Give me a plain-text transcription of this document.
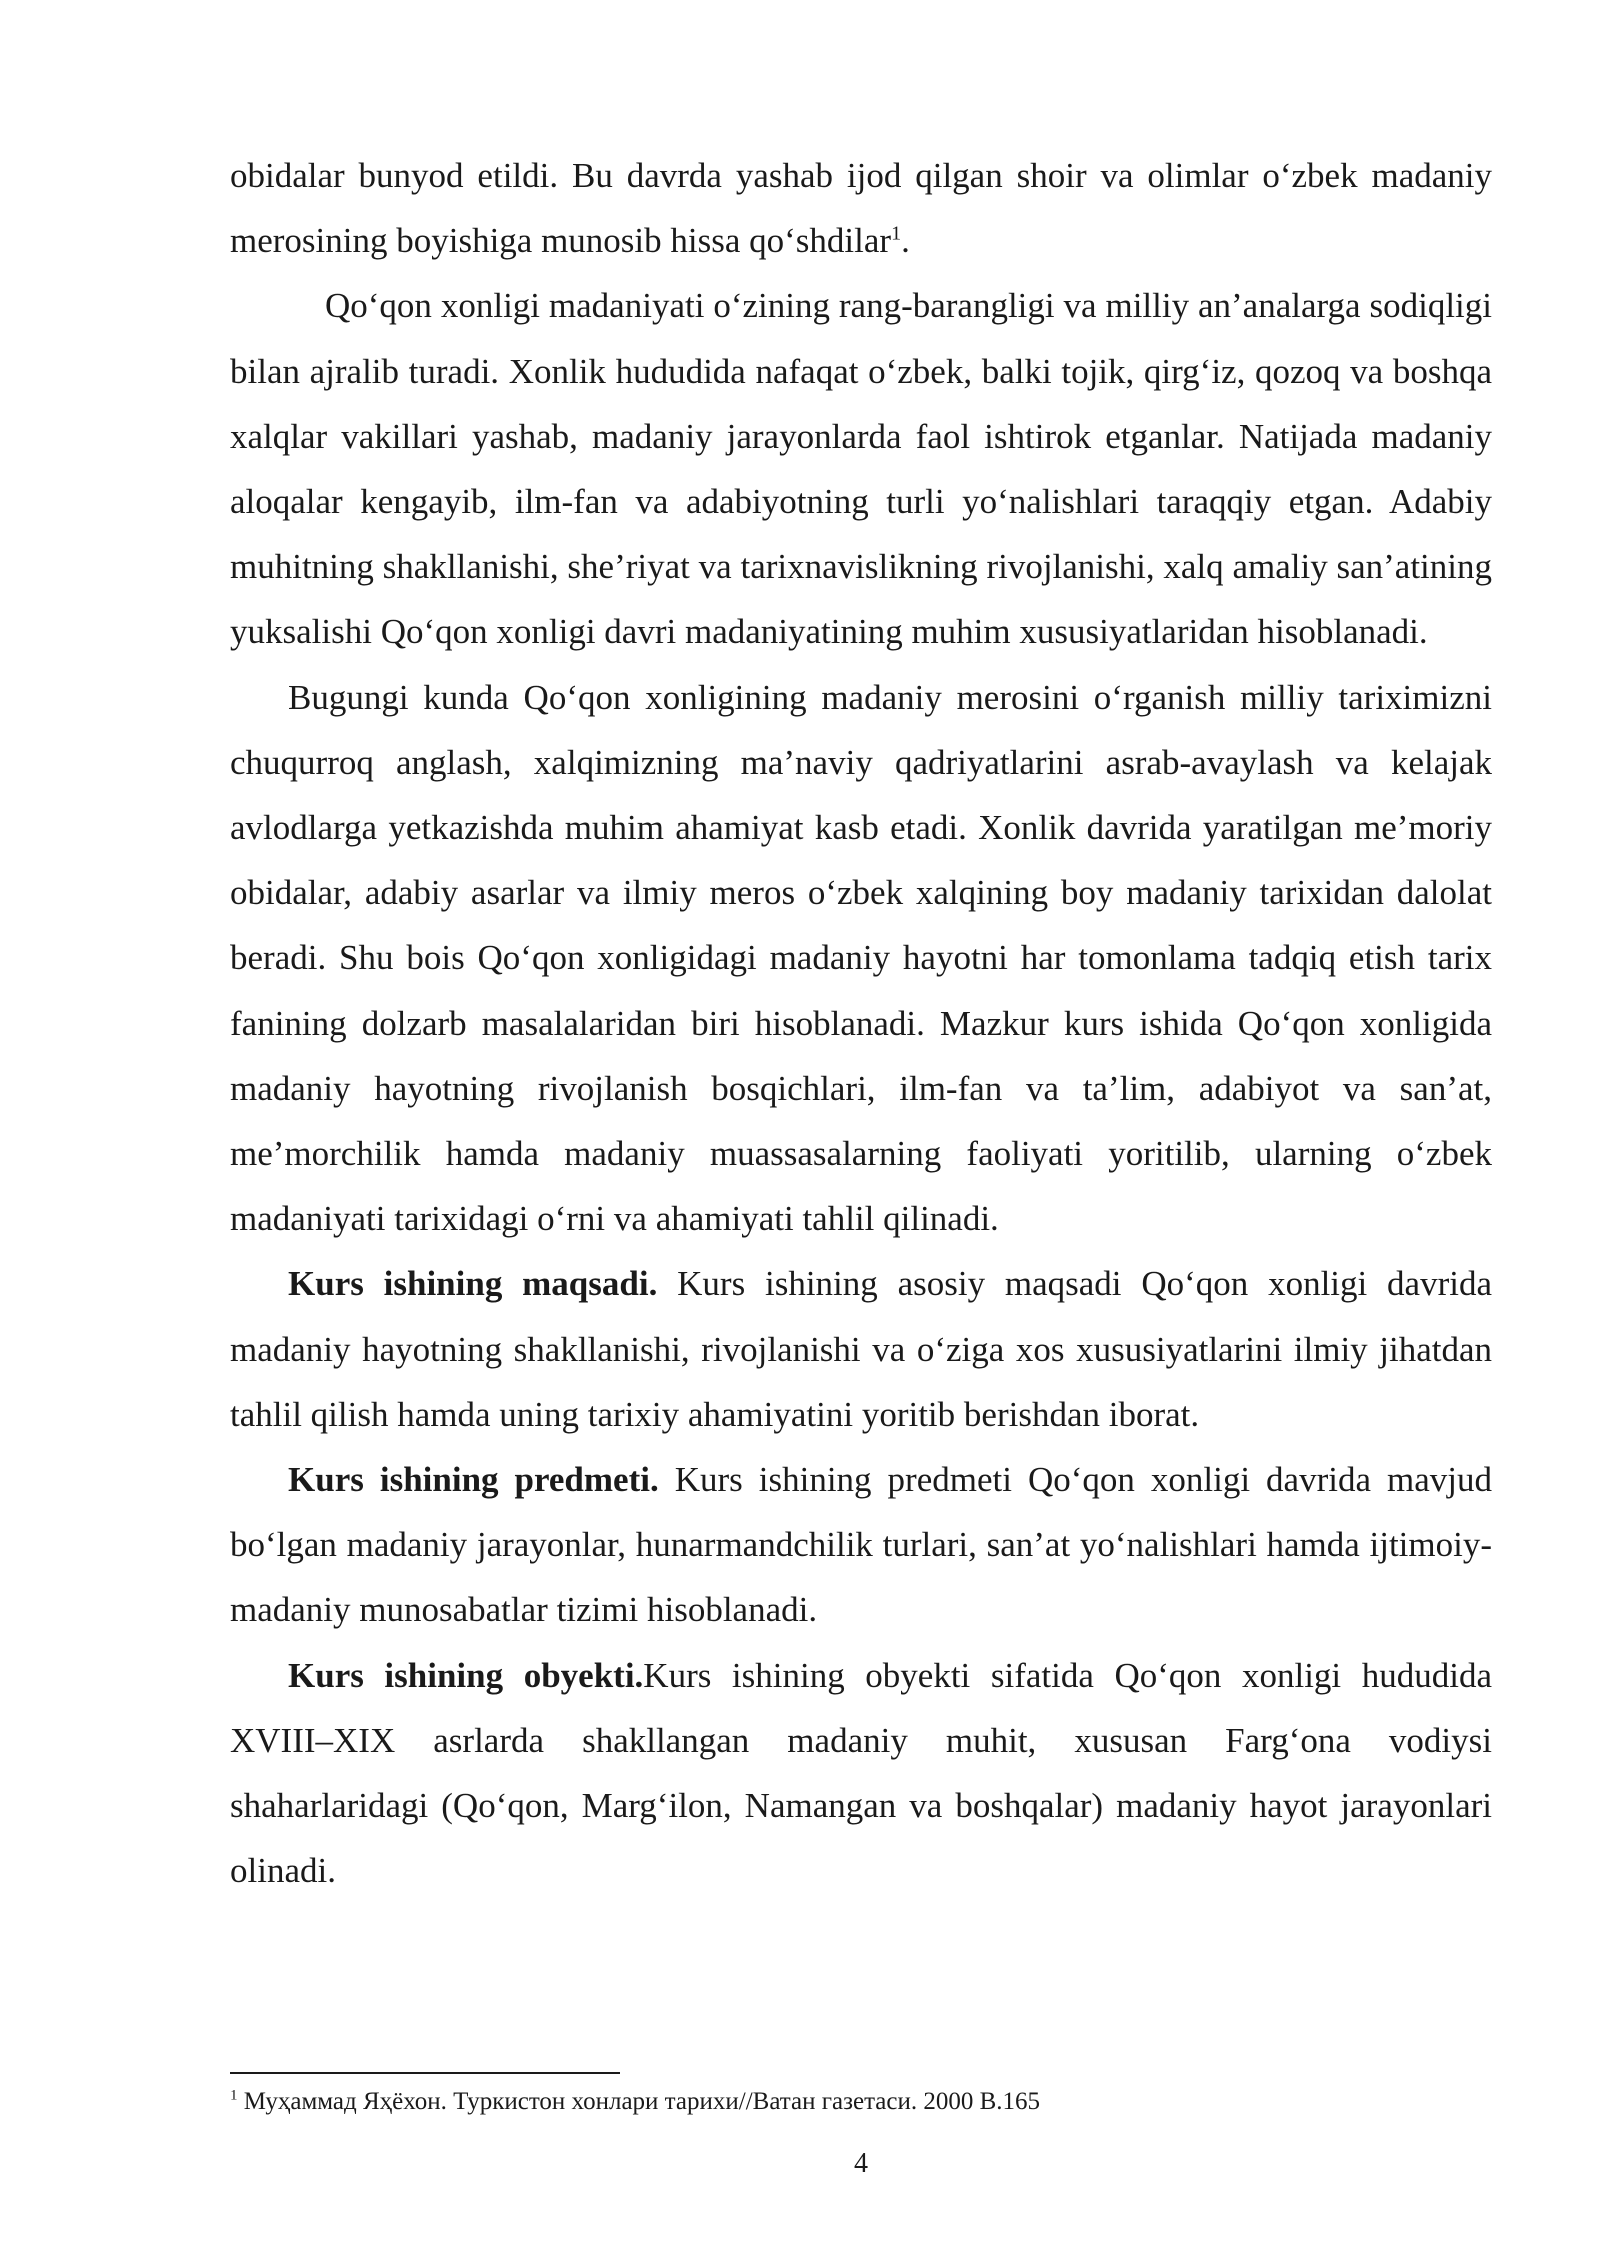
obidalar bunyod etildi. Bu davrda yashab ijod qilgan shoir va olimlar o‘zbek madaniy merosining boyishiga munosib hissa qo‘shdilar$^1$.

Qo‘qon xonligi madaniyati o‘zining rang-barangligi va milliy an’analarga sodiqligi bilan ajralib turadi. Xonlik hududida nafaqat o‘zbek, balki tojik, qirg‘iz, qozoq va boshqa xalqlar vakillari yashab, madaniy jarayonlarda faol ishtirok etganlar. Natijada madaniy aloqalar kengayib, ilm-fan va adabiyotning turli yo‘nalishlari taraqqiy etgan. Adabiy muhitning shakllanishi, she’riyat va tarixnavislikning rivojlanishi, xalq amaliy san’atining yuksalishi Qo‘qon xonligi davri madaniyatining muhim xususiyatlaridan hisoblanadi.

Bugungi kunda Qo‘qon xonligining madaniy merosini o‘rganish milliy tariximizni chuqurroq anglash, xalqimizning ma’naviy qadriyatlarini asrab-avaylash va kelajak avlodlarga yetkazishda muhim ahamiyat kasb etadi. Xonlik davrida yaratilgan me’moriy obidalar, adabiy asarlar va ilmiy meros o‘zbek xalqining boy madaniy tarixidan dalolat beradi. Shu bois Qo‘qon xonligidagi madaniy hayotni har tomonlama tadqiq etish tarix fanining dolzarb masalalaridan biri hisoblanadi. Mazkur kurs ishida Qo‘qon xonligida madaniy hayotning rivojlanish bosqichlari, ilm-fan va ta’lim, adabiyot va san’at, me’morchilik hamda madaniy muassasalarning faoliyati yoritilib, ularning o‘zbek madaniyati tarixidagi o‘rni va ahamiyati tahlil qilinadi.

Kurs ishining maqsadi. Kurs ishining asosiy maqsadi Qo‘qon xonligi davrida madaniy hayotning shakllanishi, rivojlanishi va o‘ziga xos xususiyatlarini ilmiy jihatdan tahlil qilish hamda uning tarixiy ahamiyatini yoritib berishdan iborat.

Kurs ishining predmeti. Kurs ishining predmeti Qo‘qon xonligi davrida mavjud bo‘lgan madaniy jarayonlar, hunarmandchilik turlari, san’at yo‘nalishlari hamda ijtimoiy-madaniy munosabatlar tizimi hisoblanadi.

Kurs ishining obyekti.Kurs ishining obyekti sifatida Qo‘qon xonligi hududida XVIII–XIX asrlarda shakllangan madaniy muhit, xususan Farg‘ona vodiysi shaharlaridagi (Qo‘qon, Marg‘ilon, Namangan va boshqalar) madaniy hayot jarayonlari olinadi.

$^1$ Муҳаммад Яҳёхон. Туркистон хонлари тарихи//Ватан газетаси. 2000 В.165
4
